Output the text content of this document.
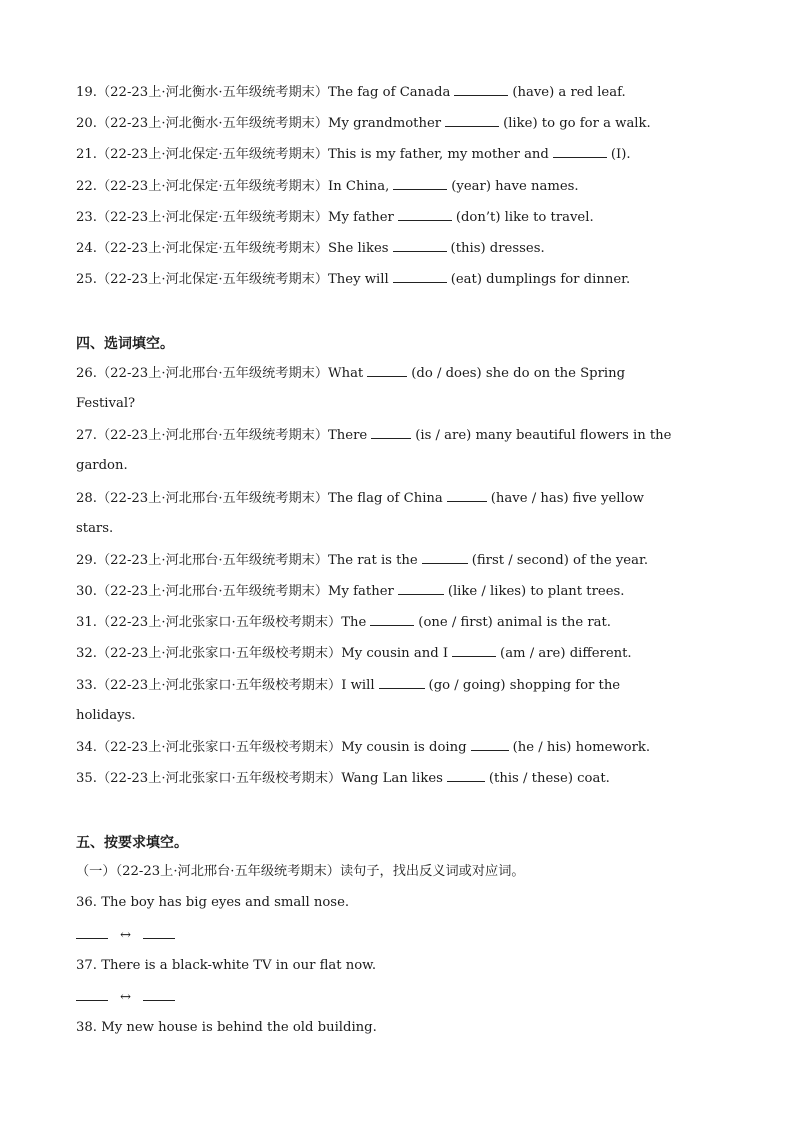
19.（22-23上·河北衡水·五年级统考期末）The fag of Canada	(have) a red leaf.
20.（22-23上·河北衡水·五年级统考期末）My grandmother	(like) to go for a walk.
21.（22-23上·河北保定·五年级统考期末）This is my father, my mother and	(I).
22.（22-23上·河北保定·五年级统考期末）In China,	(year) have names.
23.（22-23上·河北保定·五年级统考期末）My father	(don’t) like to travel.
24.（22-23上·河北保定·五年级统考期末）She likes	(this) dresses.
25.（22-23上·河北保定·五年级统考期末）They will	(eat) dumplings for dinner.
四、选词填空。
26.（22-23上·河北邢台·五年级统考期末）What	(do / does) she do on the Spring
Festival?
27.（22-23上·河北邢台·五年级统考期末）There	(is / are) many beautiful flowers in the
gardon.
28.（22-23上·河北邢台·五年级统考期末）The flag of China	(have / has) five yellow
stars.
29.（22-23上·河北邢台·五年级统考期末）The rat is the	(first / second) of the year.
30.（22-23上·河北邢台·五年级统考期末）My father	(like / likes) to plant trees.
31.（22-23上·河北张家口·五年级校考期末）The	(one / first) animal is the rat.
32.（22-23上·河北张家口·五年级校考期末）My cousin and I	(am / are) different.
33.（22-23上·河北张家口·五年级校考期末）I will	(go / going) shopping for the
holidays.
34.（22-23上·河北张家口·五年级校考期末）My cousin is doing	(he / his) homework.
35.（22-23上·河北张家口·五年级校考期末）Wang Lan likes	(this / these) coat.
五、按要求填空。
（一）（22-23上·河北邢台·五年级统考期末）读句子，找出反义词或对应词。
36. The boy has big eyes and small nose.
↔
37. There is a black-white TV in our flat now.
↔
38. My new house is behind the old building.
